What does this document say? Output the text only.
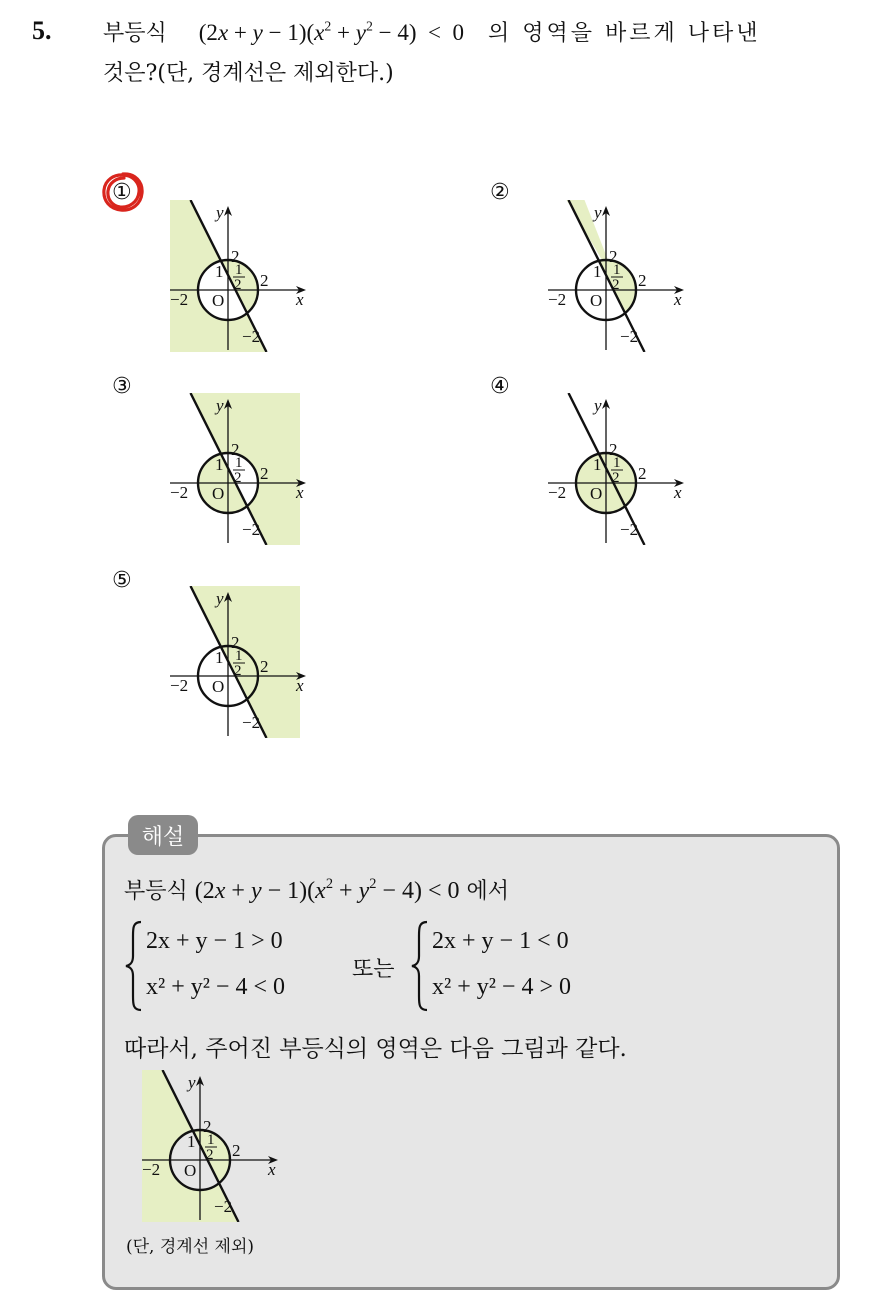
5. 부등식 $(2x + y - 1)(x^2 + y^2 - 4) < 0$ 의 영역을 바르게 나타낸
것은?(단, 경계선은 제외한다.)
①	②
③	④
⑤
y
2
1 1
2 2
−2 O
−2
x
y
2
1 1
2 2
−2 O
−2
x
y
2
1 1
2 2
−2 O
−2
x
y
2
1 1
2 2
−2 O
−2
x
y
2
1 1
2 2
−2 O
−2
x
해설
부등식 $(2x + y - 1)(x^2 + y^2 - 4) < 0$ 에서
2x + y − 1 > 0
x² + y² − 4 < 0
또는
2x + y − 1 < 0
x² + y² − 4 > 0
따라서, 주어진 부등식의 영역은 다음 그림과 같다.
y
2
1 1
2 2
−2 O
−2
x
(단, 경계선 제외)
